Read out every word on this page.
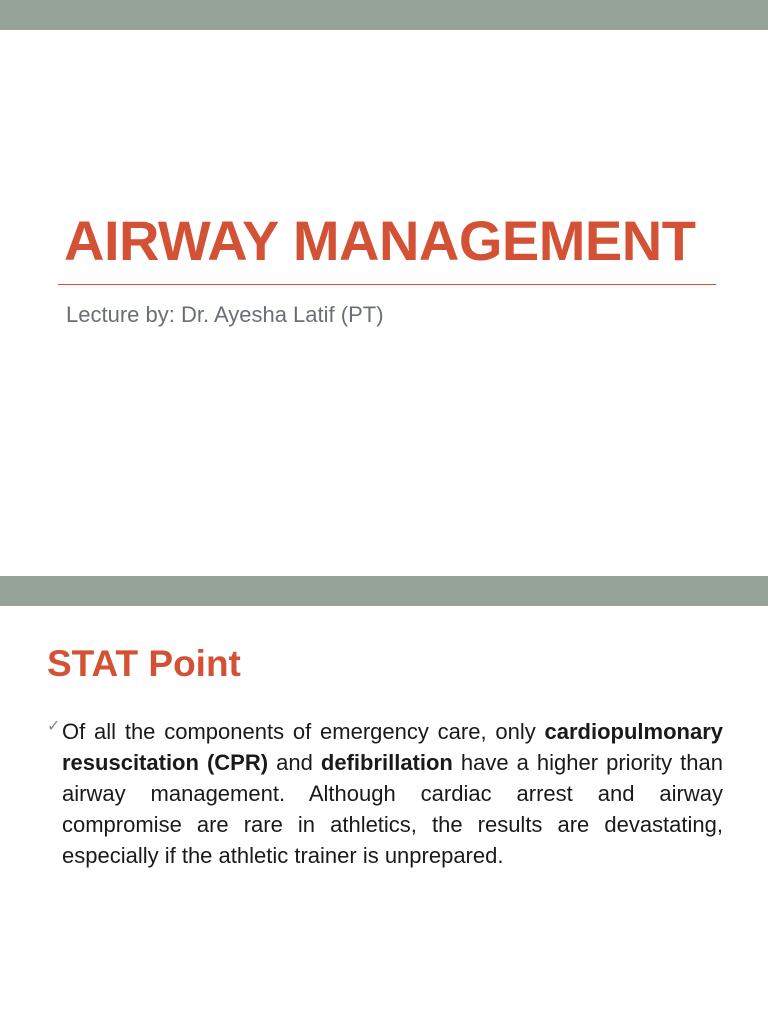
AIRWAY MANAGEMENT
Lecture by: Dr. Ayesha Latif (PT)
STAT Point
✓ Of all the components of emergency care, only cardiopulmonary resuscitation (CPR) and defibrillation have a higher priority than airway management. Although cardiac arrest and airway compromise are rare in athletics, the results are devastating, especially if the athletic trainer is unprepared.
